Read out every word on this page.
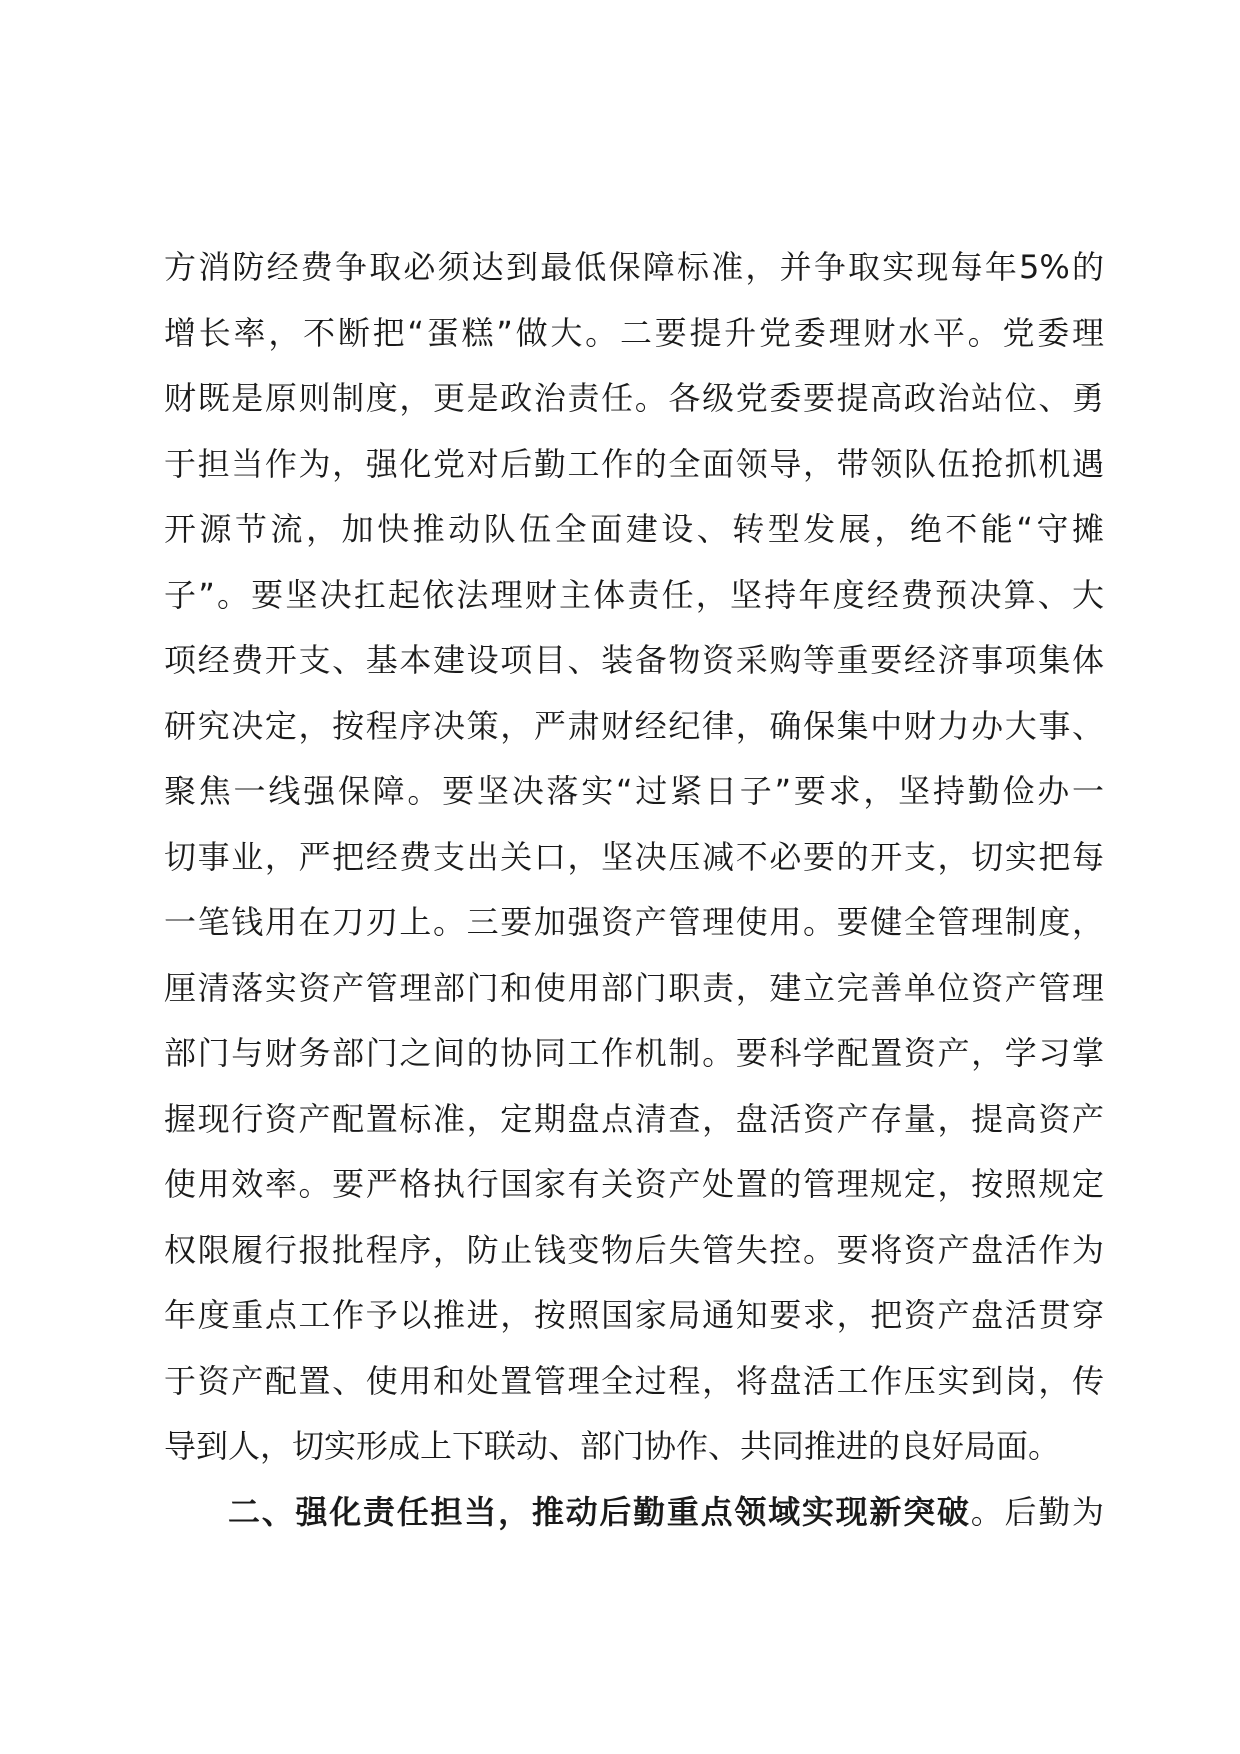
方消防经费争取必须达到最低保障标准，并争取实现每年5%的
增长率，不断把“蛋糕”做大。二要提升党委理财水平。党委理
财既是原则制度，更是政治责任。各级党委要提高政治站位、勇
于担当作为，强化党对后勤工作的全面领导，带领队伍抢抓机遇
开源节流，加快推动队伍全面建设、转型发展，绝不能“守摊
子”。要坚决扛起依法理财主体责任，坚持年度经费预决算、大
项经费开支、基本建设项目、装备物资采购等重要经济事项集体
研究决定，按程序决策，严肃财经纪律，确保集中财力办大事、
聚焦一线强保障。要坚决落实“过紧日子”要求，坚持勤俭办一
切事业，严把经费支出关口，坚决压减不必要的开支，切实把每
一笔钱用在刀刃上。三要加强资产管理使用。要健全管理制度，
厘清落实资产管理部门和使用部门职责，建立完善单位资产管理
部门与财务部门之间的协同工作机制。要科学配置资产，学习掌
握现行资产配置标准，定期盘点清查，盘活资产存量，提高资产
使用效率。要严格执行国家有关资产处置的管理规定，按照规定
权限履行报批程序，防止钱变物后失管失控。要将资产盘活作为
年度重点工作予以推进，按照国家局通知要求，把资产盘活贯穿
于资产配置、使用和处置管理全过程，将盘活工作压实到岗，传
导到人，切实形成上下联动、部门协作、共同推进的良好局面。
二、强化责任担当，推动后勤重点领域实现新突破。后勤为
